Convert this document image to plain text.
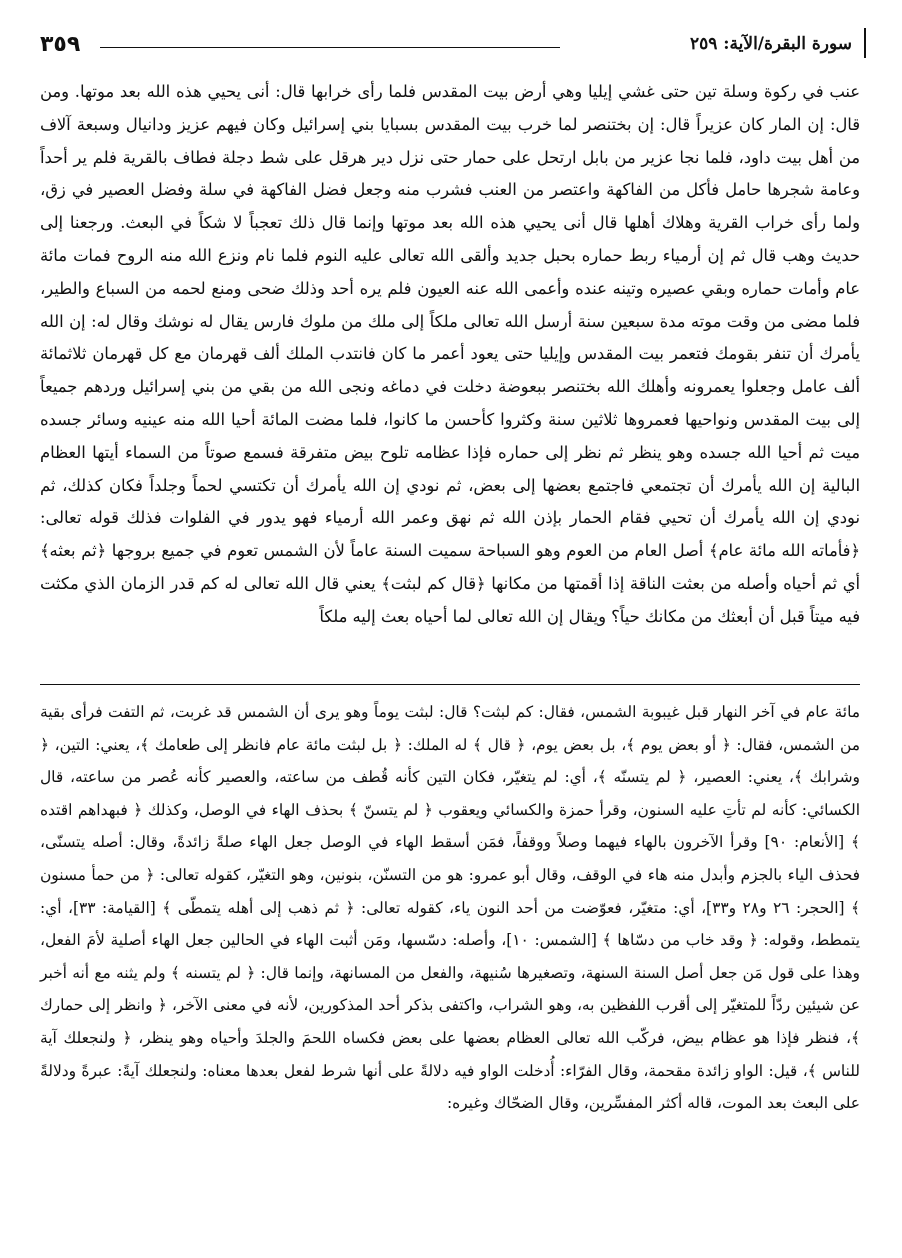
٣٥٩	سورة البقرة/الآية: ٢٥٩

عنب في ركوة وسلة تين حتى غشي إيليا وهي أرض بيت المقدس فلما رأى خرابها قال: أنى يحيي هذه الله بعد موتها. ومن قال: إن المار كان عزيراً قال: إن بختنصر لما خرب بيت المقدس بسبايا بني إسرائيل وكان فيهم عزيز ودانيال وسبعة آلاف من أهل بيت داود، فلما نجا عزير من بابل ارتحل على حمار حتى نزل دير هرقل على شط دجلة فطاف بالقرية فلم ير أحداً وعامة شجرها حامل فأكل من الفاكهة واعتصر من العنب فشرب منه وجعل فضل الفاكهة في سلة وفضل العصير في زق، ولما رأى خراب القرية وهلاك أهلها قال أنى يحيي هذه الله بعد موتها وإنما قال ذلك تعجباً لا شكاً في البعث. ورجعنا إلى حديث وهب قال ثم إن أرمياء ربط حماره بحبل جديد وألقى الله تعالى عليه النوم فلما نام ونزع الله منه الروح فمات مائة عام وأمات حماره وبقي عصيره وتينه عنده وأعمى الله عنه العيون فلم يره أحد وذلك ضحى ومنع لحمه من السباع والطير، فلما مضى من وقت موته مدة سبعين سنة أرسل الله تعالى ملكاً إلى ملك من ملوك فارس يقال له نوشك وقال له: إن الله يأمرك أن تنفر بقومك فتعمر بيت المقدس وإيليا حتى يعود أعمر ما كان فانتدب الملك ألف قهرمان مع كل قهرمان ثلاثمائة ألف عامل وجعلوا يعمرونه وأهلك الله بختنصر ببعوضة دخلت في دماغه ونجى الله من بقي من بني إسرائيل وردهم جميعاً إلى بيت المقدس ونواحيها فعمروها ثلاثين سنة وكثروا كأحسن ما كانوا، فلما مضت المائة أحيا الله منه عينيه وسائر جسده ميت ثم أحيا الله جسده وهو ينظر ثم نظر إلى حماره فإذا عظامه تلوح بيض متفرقة فسمع صوتاً من السماء أيتها العظام البالية إن الله يأمرك أن تجتمعي فاجتمع بعضها إلى بعض، ثم نودي إن الله يأمرك أن تكتسي لحماً وجلداً فكان كذلك، ثم نودي إن الله يأمرك أن تحيي فقام الحمار بإذن الله ثم نهق وعمر الله أرمياء فهو يدور في الفلوات فذلك قوله تعالى: ﴿فأماته الله مائة عام﴾ أصل العام من العوم وهو السباحة سميت السنة عاماً لأن الشمس تعوم في جميع بروجها ﴿ثم بعثه﴾ أي ثم أحياه وأصله من بعثت الناقة إذا أقمتها من مكانها ﴿قال كم لبثت﴾ يعني قال الله تعالى له كم قدر الزمان الذي مكثت فيه ميتاً قبل أن أبعثك من مكانك حياً؟ ويقال إن الله تعالى لما أحياه بعث إليه ملكاً

مائة عام في آخر النهار قبل غيبوبة الشمس، فقال: كم لبثت؟ قال: لبثت يوماً وهو يرى أن الشمس قد غربت، ثم التفت فرأى بقية من الشمس، فقال: ﴿ أو بعض يوم ﴾، بل بعض يوم، ﴿ قال ﴾ له الملك: ﴿ بل لبثت مائة عام فانظر إلى طعامك ﴾، يعني: التين، ﴿ وشرابك ﴾، يعني: العصير، ﴿ لم يتسنّه ﴾، أي: لم يتغيّر، فكان التين كأنه قُطف من ساعته، والعصير كأنه عُصر من ساعته، قال الكسائي: كأنه لم تأتِ عليه السنون، وقرأ حمزة والكسائي ويعقوب ﴿ لم يتسنّ ﴾ بحذف الهاء في الوصل، وكذلك ﴿ فبهداهم اقتده ﴾ [الأنعام: ٩٠] وقرأ الآخرون بالهاء فيهما وصلاً ووقفاً، فمَن أسقط الهاء في الوصل جعل الهاء صلةً زائدةً، وقال: أصله يتسنّى، فحذف الياء بالجزم وأبدل منه هاء في الوقف، وقال أبو عمرو: هو من التسنّن، بنونين، وهو التغيّر، كقوله تعالى: ﴿ من حمأ مسنون ﴾ [الحجر: ٢٦ و٢٨ و٣٣]، أي: متغيّر، فعوّضت من أحد النون ياء، كقوله تعالى: ﴿ ثم ذهب إلى أهله يتمطّى ﴾ [القيامة: ٣٣]، أي: يتمطط، وقوله: ﴿ وقد خاب من دسّاها ﴾ [الشمس: ١٠]، وأصله: دسّسها، ومَن أثبت الهاء في الحالين جعل الهاء أصلية لأمَ الفعل، وهذا على قول مَن جعل أصل السنة السنهة، وتصغيرها سُنيهة، والفعل من المسانهة، وإنما قال: ﴿ لم يتسنه ﴾ ولم يثنه مع أنه أخبر عن شيئين ردّاً للمتغيّر إلى أقرب اللفظين به، وهو الشراب، واكتفى بذكر أحد المذكورين، لأنه في معنى الآخر، ﴿ وانظر إلى حمارك ﴾، فنظر فإذا هو عظام بيض، فركّب الله تعالى العظام بعضها على بعض فكساه اللحمَ والجلدَ وأحياه وهو ينظر، ﴿ ولنجعلك آية للناس ﴾، قيل: الواو زائدة مقحمة، وقال الفرّاء: أُدخلت الواو فيه دلالةً على أنها شرط لفعل بعدها معناه: ولنجعلك آيةً: عبرةً ودلالةً على البعث بعد الموت، قاله أكثر المفسِّرين، وقال الضحّاك وغيره:
